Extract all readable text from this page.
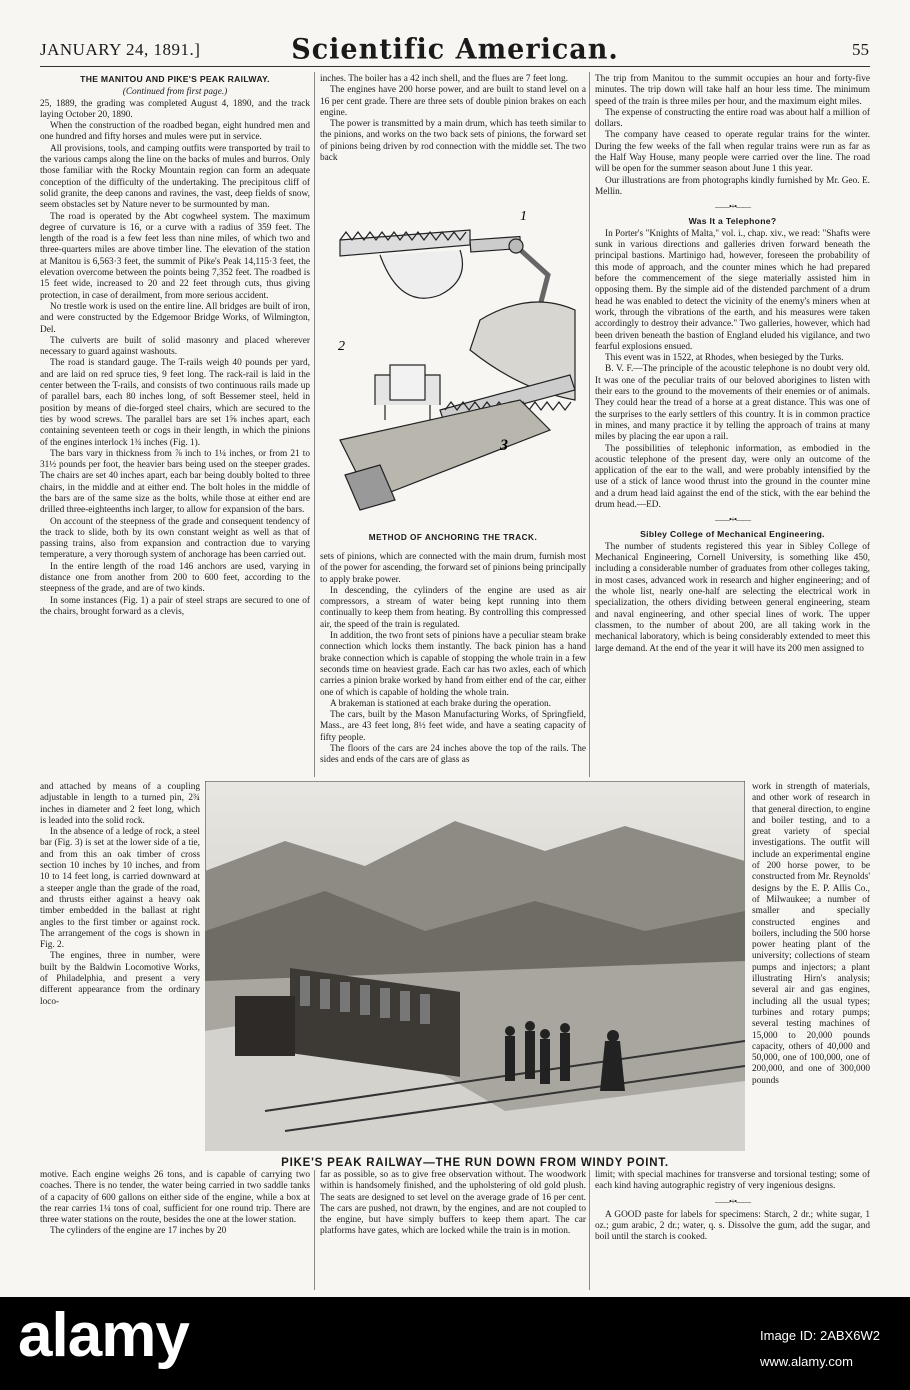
JANUARY 24, 1891.]	Scientific American.	55
THE MANITOU AND PIKE'S PEAK RAILWAY.
(Continued from first page.)

25, 1889, the grading was completed August 4, 1890, and the track laying October 20, 1890.

When the construction of the roadbed began, eight hundred men and one hundred and fifty horses and mules were put in service.

All provisions, tools, and camping outfits were transported by trail to the various camps along the line on the backs of mules and burros. Only those familiar with the Rocky Mountain region can form an adequate conception of the difficulty of the undertaking. The precipitous cliff of solid granite, the deep canons and ravines, the vast, deep fields of snow, seem obstacles set by Nature never to be surmounted by man.

The road is operated by the Abt cogwheel system. The maximum degree of curvature is 16, or a curve with a radius of 359 feet. The length of the road is a few feet less than nine miles, of which two and three-quarters miles are above timber line. The elevation of the station at Manitou is 6,563·3 feet, the summit of Pike's Peak 14,115·3 feet, the elevation overcome between the points being 7,352 feet. The roadbed is 15 feet wide, increased to 20 and 22 feet through cuts, thus giving protection, in case of derailment, from more serious accident.

No trestle work is used on the entire line. All bridges are built of iron, and were constructed by the Edgemoor Bridge Works, of Wilmington, Del.

The culverts are built of solid masonry and placed wherever necessary to guard against washouts.

The road is standard gauge. The T-rails weigh 40 pounds per yard, and are laid on red spruce ties, 9 feet long. The rack-rail is laid in the center between the T-rails, and consists of two continuous rails made up of parallel bars, each 80 inches long, of soft Bessemer steel, held in position by means of die-forged steel chairs, which are secured to the ties by wood screws. The parallel bars are set 1⅝ inches apart, each containing seventeen teeth or cogs in their length, in which the pinions of the engines interlock 1¾ inches (Fig. 1).

The bars vary in thickness from ⅞ inch to 1¼ inches, or from 21 to 31½ pounds per foot, the heavier bars being used on the steeper grades. The chairs are set 40 inches apart, each bar being doubly bolted to three chairs, in the middle and at either end. The bolt holes in the middle of the bars are of the same size as the bolts, while those at either end are drilled three-eighteenths inch larger, to allow for expansion of the bars.

On account of the steepness of the grade and consequent tendency of the track to slide, both by its own constant weight as well as that of passing trains, also from expansion and contraction due to varying temperature, a very thorough system of anchorage has been carried out.

In the entire length of the road 146 anchors are used, varying in distance one from another from 200 to 600 feet, according to the steepness of the grade, and are of two kinds.

In some instances (Fig. 1) a pair of steel straps are secured to one of the chairs, brought forward as a clevis,

and attached by means of a coupling adjustable in length to a turned pin, 2¾ inches in diameter and 2 feet long, which is leaded into the solid rock.

In the absence of a ledge of rock, a steel bar (Fig. 3) is set at the lower side of a tie, and from this an oak timber of cross section 10 inches by 10 inches, and from 10 to 14 feet long, is carried downward at a steeper angle than the grade of the road, and thrusts either against a heavy oak timber embedded in the ballast at right angles to the first timber or against rock. The arrangement of the cogs is shown in Fig. 2.

The engines, three in number, were built by the Baldwin Locomotive Works, of Philadelphia, and present a very different appearance from the ordinary loco-

motive. Each engine weighs 26 tons, and is capable of carrying two coaches. There is no tender, the water being carried in two saddle tanks of a capacity of 600 gallons on either side of the engine, while a box at the rear carries 1¼ tons of coal, sufficient for one round trip. There are three water stations on the route, besides the one at the lower station.

The cylinders of the engine are 17 inches by 20

inches. The boiler has a 42 inch shell, and the flues are 7 feet long.

The engines have 200 horse power, and are built to stand level on a 16 per cent grade. There are three sets of double pinion brakes on each engine.

The power is transmitted by a main drum, which has teeth similar to the pinions, and works on the two back sets of pinions, the forward set of pinions being driven by rod connection with the middle set. The two back

1
2
3
METHOD OF ANCHORING THE TRACK.

sets of pinions, which are connected with the main drum, furnish most of the power for ascending, the forward set of pinions being principally to apply brake power.

In descending, the cylinders of the engine are used as air compressors, a stream of water being kept running into them continually to keep them from heating. By controlling this compressed air, the speed of the train is regulated.

In addition, the two front sets of pinions have a peculiar steam brake connection which locks them instantly. The back pinion has a hand brake connection which is capable of stopping the whole train in a few seconds time on heaviest grade. Each car has two axles, each of which carries a pinion brake worked by hand from either end of the car, either one of which is capable of holding the whole train.

A brakeman is stationed at each brake during the operation.

The cars, built by the Mason Manufacturing Works, of Springfield, Mass., are 43 feet long, 8½ feet wide, and have a seating capacity of fifty people.

The floors of the cars are 24 inches above the top of the rails. The sides and ends of the cars are of glass as

far as possible, so as to give free observation without. The woodwork within is handsomely finished, and the upholstering of old gold plush. The seats are designed to set level on the average grade of 16 per cent. The cars are pushed, not drawn, by the engines, and are not coupled to the engine, but have simply buffers to keep them apart. The car platforms have gates, which are locked while the train is in motion.

PIKE'S PEAK RAILWAY—THE RUN DOWN FROM WINDY POINT.

The trip from Manitou to the summit occupies an hour and forty-five minutes. The trip down will take half an hour less time. The minimum speed of the train is three miles per hour, and the maximum eight miles.

The expense of constructing the entire road was about half a million of dollars.

The company have ceased to operate regular trains for the winter. During the few weeks of the fall when regular trains were run as far as the Half Way House, many people were carried over the line. The road will be open for the summer season about June 1 this year.

Our illustrations are from photographs kindly furnished by Mr. Geo. E. Mellin.

——•+•——
Was It a Telephone?

In Porter's "Knights of Malta," vol. i., chap. xiv., we read: "Shafts were sunk in various directions and galleries driven forward beneath the principal bastions. Martinigo had, however, foreseen the probability of this mode of approach, and the counter mines which he had prepared before the commencement of the siege materially assisted him in opposing them. By the simple aid of the distended parchment of a drum head he was enabled to detect the vicinity of the enemy's miners when at work, through the vibrations of the earth, and his measures were taken accordingly to destroy their advance." Two galleries, however, which had been driven beneath the bastion of England eluded his vigilance, and two fearful explosions ensued.

This event was in 1522, at Rhodes, when besieged by the Turks.

B. V. F.—The principle of the acoustic telephone is no doubt very old. It was one of the peculiar traits of our beloved aborigines to listen with their ears to the ground to the movements of their enemies or of animals. They could hear the tread of a horse at a great distance. This was one of the surprises to the early settlers of this country. It is in common practice in mines, and many practice it by telling the approach of trains at many miles by placing the ear upon a rail.

The possibilities of telephonic information, as embodied in the acoustic telephone of the present day, were only an outcome of the application of the ear to the wall, and were probably intensified by the use of a stick of lance wood thrust into the ground in the counter mine and a drum head laid against the end of the stick, with the ear behind the drum head.—ED.

——•+•——
Sibley College of Mechanical Engineering.

The number of students registered this year in Sibley College of Mechanical Engineering, Cornell University, is something like 450, including a considerable number of graduates from other colleges taking, in most cases, advanced work in research and higher engineering; and of the whole list, nearly one-half are selecting the electrical work in specialization, the others dividing between general engineering, steam and naval engineering, and other special lines of work. The upper classmen, to the number of about 200, are all taking work in the mechanical laboratory, which is being considerably extended to meet this large demand. At the end of the year it will have its 200 men assigned to

work in strength of materials, and other work of research in that general direction, to engine and boiler testing, and to a great variety of special investigations. The outfit will include an experimental engine of 200 horse power, to be constructed from Mr. Reynolds' designs by the E. P. Allis Co., of Milwaukee; a number of smaller and specially constructed engines and boilers, including the 500 horse power heating plant of the university; collections of steam pumps and injectors; a plant illustrating Hirn's analysis; several air and gas engines, including all the usual types; turbines and rotary pumps; several testing machines of 15,000 to 20,000 pounds capacity, others of 40,000 and 50,000, one of 100,000, one of 200,000, and one of 300,000 pounds

limit; with special machines for transverse and torsional testing; some of each kind having autographic registry of very ingenious designs.

——•+•——

A GOOD paste for labels for specimens: Starch, 2 dr.; white sugar, 1 oz.; gum arabic, 2 dr.; water, q. s. Dissolve the gum, add the sugar, and boil until the starch is cooked.

alamy	Image ID: 2ABX6W2
www.alamy.com
